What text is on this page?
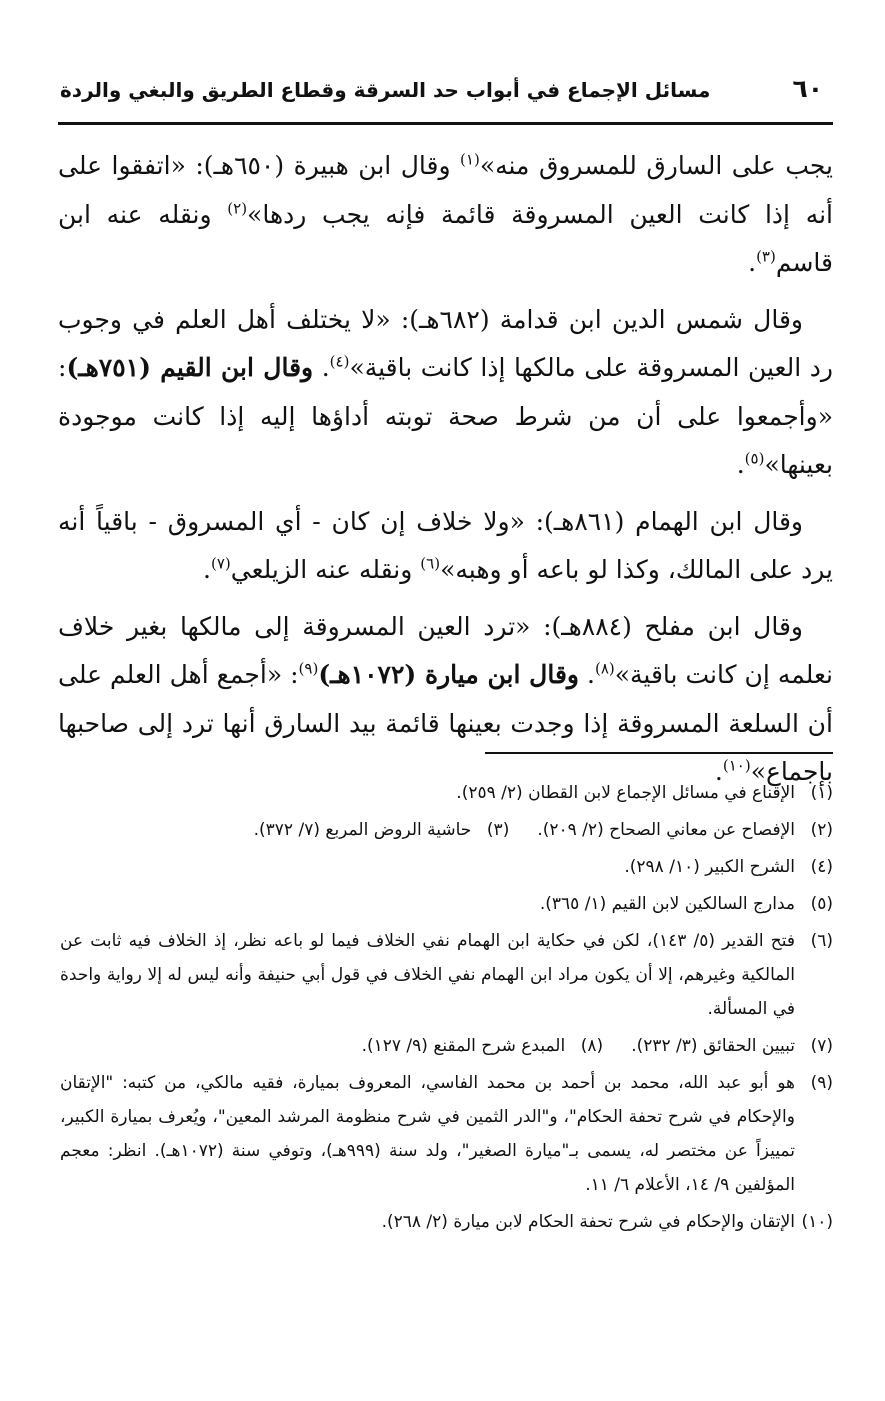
٦٠
مسائل الإجماع في أبواب حد السرقة وقطاع الطريق والبغي والردة

يجب على السارق للمسروق منه»$^{(١)}$ وقال ابن هبيرة (٦٥٠هـ): «اتفقوا على أنه إذا كانت العين المسروقة قائمة فإنه يجب ردها»$^{(٢)}$ ونقله عنه ابن قاسم$^{(٣)}$.

وقال شمس الدين ابن قدامة (٦٨٢هـ): «لا يختلف أهل العلم في وجوب رد العين المسروقة على مالكها إذا كانت باقية»$^{(٤)}$. وقال ابن القيم (٧٥١هـ): «وأجمعوا على أن من شرط صحة توبته أداؤها إليه إذا كانت موجودة بعينها»$^{(٥)}$.

وقال ابن الهمام (٨٦١هـ): «ولا خلاف إن كان - أي المسروق - باقياً أنه يرد على المالك، وكذا لو باعه أو وهبه»$^{(٦)}$ ونقله عنه الزيلعي$^{(٧)}$.

وقال ابن مفلح (٨٨٤هـ): «ترد العين المسروقة إلى مالكها بغير خلاف نعلمه إن كانت باقية»$^{(٨)}$. وقال ابن ميارة (١٠٧٢هـ)$^{(٩)}$: «أجمع أهل العلم على أن السلعة المسروقة إذا وجدت بعينها قائمة بيد السارق أنها ترد إلى صاحبها بإجماع»$^{(١٠)}$.

(١)
الإقناع في مسائل الإجماع لابن القطان (٢/ ٢٥٩).
(٢)
الإفصاح عن معاني الصحاح (٢/ ٢٠٩).
(٣)
حاشية الروض المربع (٧/ ٣٧٢).
(٤)
الشرح الكبير (١٠/ ٢٩٨).
(٥)
مدارج السالكين لابن القيم (١/ ٣٦٥).
(٦)
فتح القدير (٥/ ١٤٣)، لكن في حكاية ابن الهمام نفي الخلاف فيما لو باعه نظر، إذ الخلاف فيه ثابت عن المالكية وغيرهم، إلا أن يكون مراد ابن الهمام نفي الخلاف في قول أبي حنيفة وأنه ليس له إلا رواية واحدة في المسألة.
(٧)
تبيين الحقائق (٣/ ٢٣٢).
(٨)
المبدع شرح المقنع (٩/ ١٢٧).
(٩)
هو أبو عبد الله، محمد بن أحمد بن محمد الفاسي، المعروف بميارة، فقيه مالكي، من كتبه: "الإتقان والإحكام في شرح تحفة الحكام"، و"الدر الثمين في شرح منظومة المرشد المعين"، ويُعرف بميارة الكبير، تمييزاً عن مختصر له، يسمى بـ"ميارة الصغير"، ولد سنة (٩٩٩هـ)، وتوفي سنة (١٠٧٢هـ). انظر: معجم المؤلفين ٩/ ١٤، الأعلام ٦/ ١١.
(١٠)
الإتقان والإحكام في شرح تحفة الحكام لابن ميارة (٢/ ٢٦٨).
